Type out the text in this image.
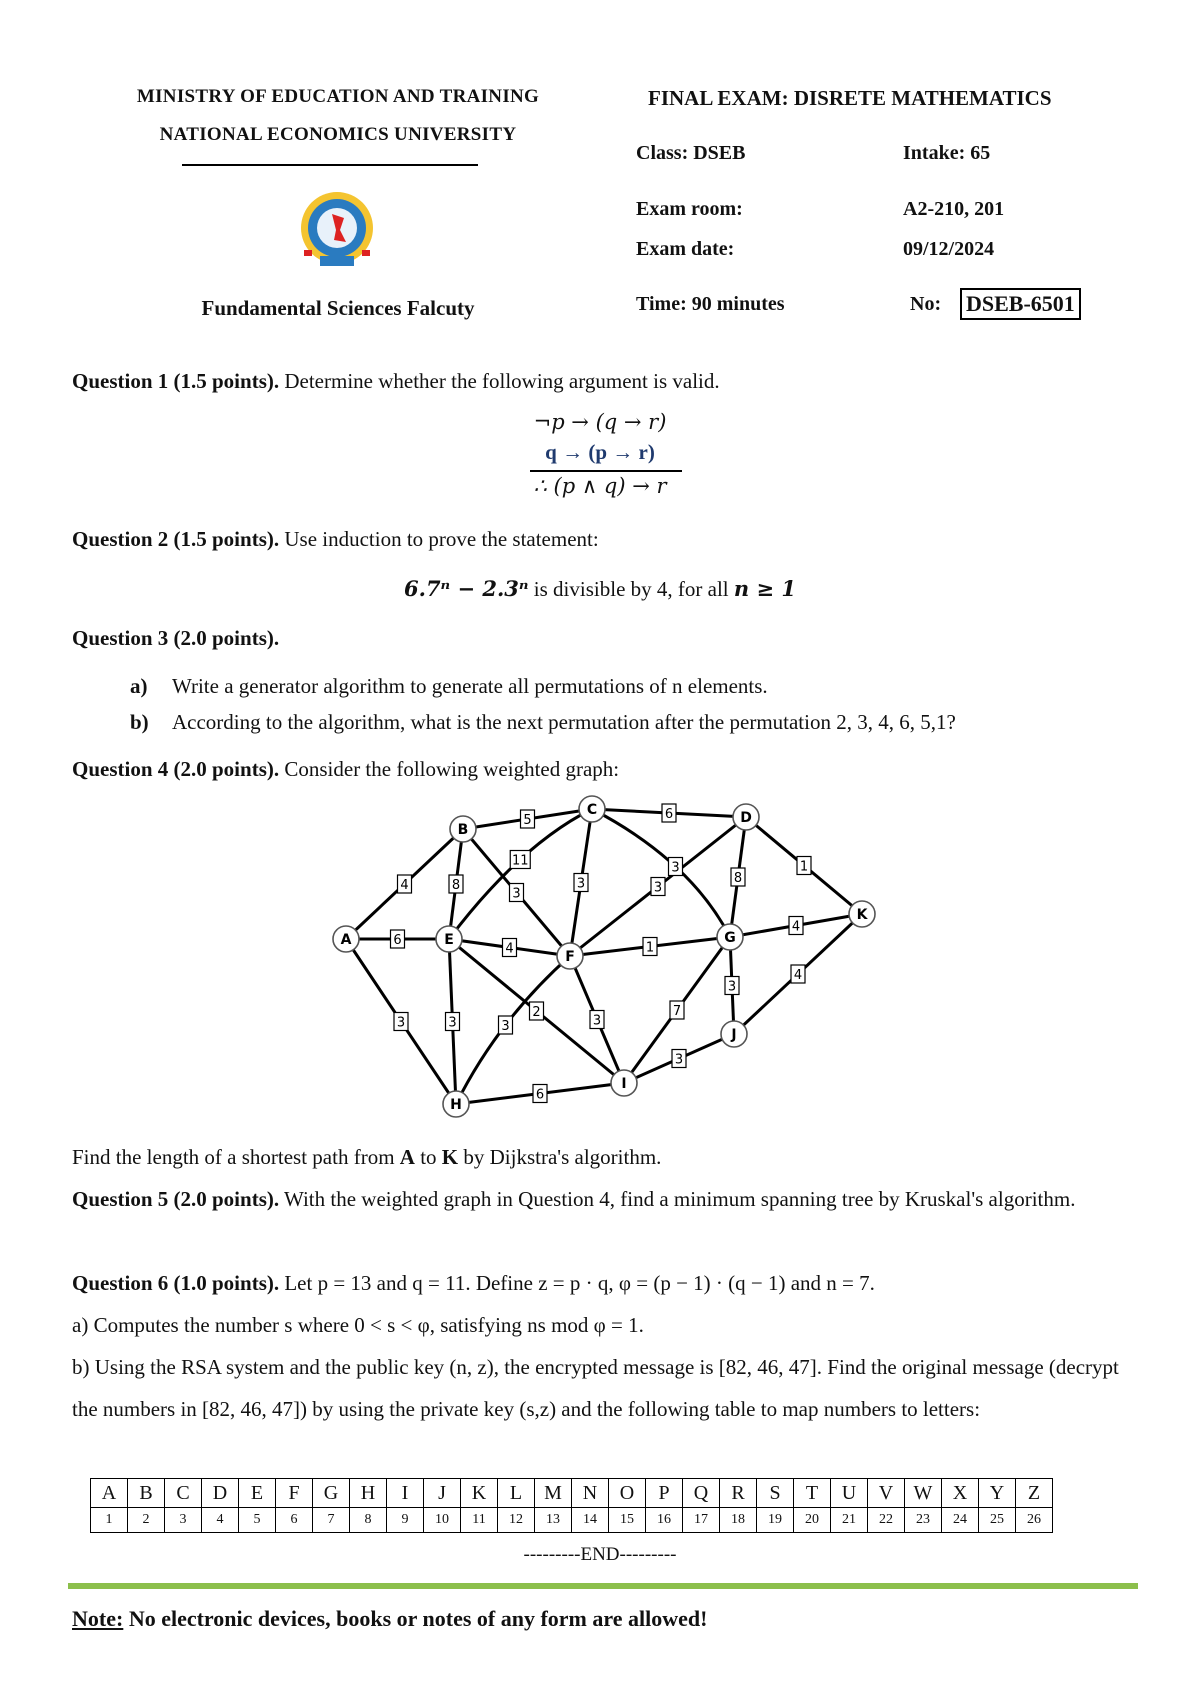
MINISTRY OF EDUCATION AND TRAINING
NATIONAL ECONOMICS UNIVERSITY
Fundamental Sciences Falcuty
FINAL EXAM: DISRETE MATHEMATICS
Class: DSEB	Intake: 65
Exam room:	A2-210, 201
Exam date:	09/12/2024
Time: 90 minutes	No: DSEB-6501
Question 1 (1.5 points). Determine whether the following argument is valid.
¬p → (q → r)
q → (p → r)
∴ (p ∧ q) → r
Question 2 (1.5 points). Use induction to prove the statement:
6.7ⁿ − 2.3ⁿ is divisible by 4, for all n ≥ 1
Question 3 (2.0 points).
a) Write a generator algorithm to generate all permutations of n elements.
b) According to the algorithm, what is the next permutation after the permutation 2, 3, 4, 6, 5,1?
Question 4 (2.0 points). Consider the following weighted graph:
4
6
3
5
8
3
11
3
6
3
3
8
1
4
3
2
1
3	3
4
3
7
4
3
6
A
B
C	D
E
F
G
H
I
J
K
Find the length of a shortest path from A to K by Dijkstra's algorithm.
Question 5 (2.0 points). With the weighted graph in Question 4, find a minimum spanning tree by Kruskal's algorithm.
Question 6 (1.0 points). Let p = 13 and q = 11. Define z = p · q, φ = (p − 1) · (q − 1) and n = 7.
a) Computes the number s where 0 < s < φ, satisfying ns mod φ = 1.
b) Using the RSA system and the public key (n, z), the encrypted message is [82, 46, 47]. Find the original message (decrypt the numbers in [82, 46, 47]) by using the private key (s,z) and the following table to map numbers to letters:
A	B	C	D	E	F	G	H	I	J	K	L	M	N	O	P	Q	R	S	T	U	V	W	X	Y	Z
1	2	3	4	5	6	7	8	9	10	11	12	13	14	15	16	17	18	19	20	21	22	23	24	25	26
---------END---------
Note: No electronic devices, books or notes of any form are allowed!
